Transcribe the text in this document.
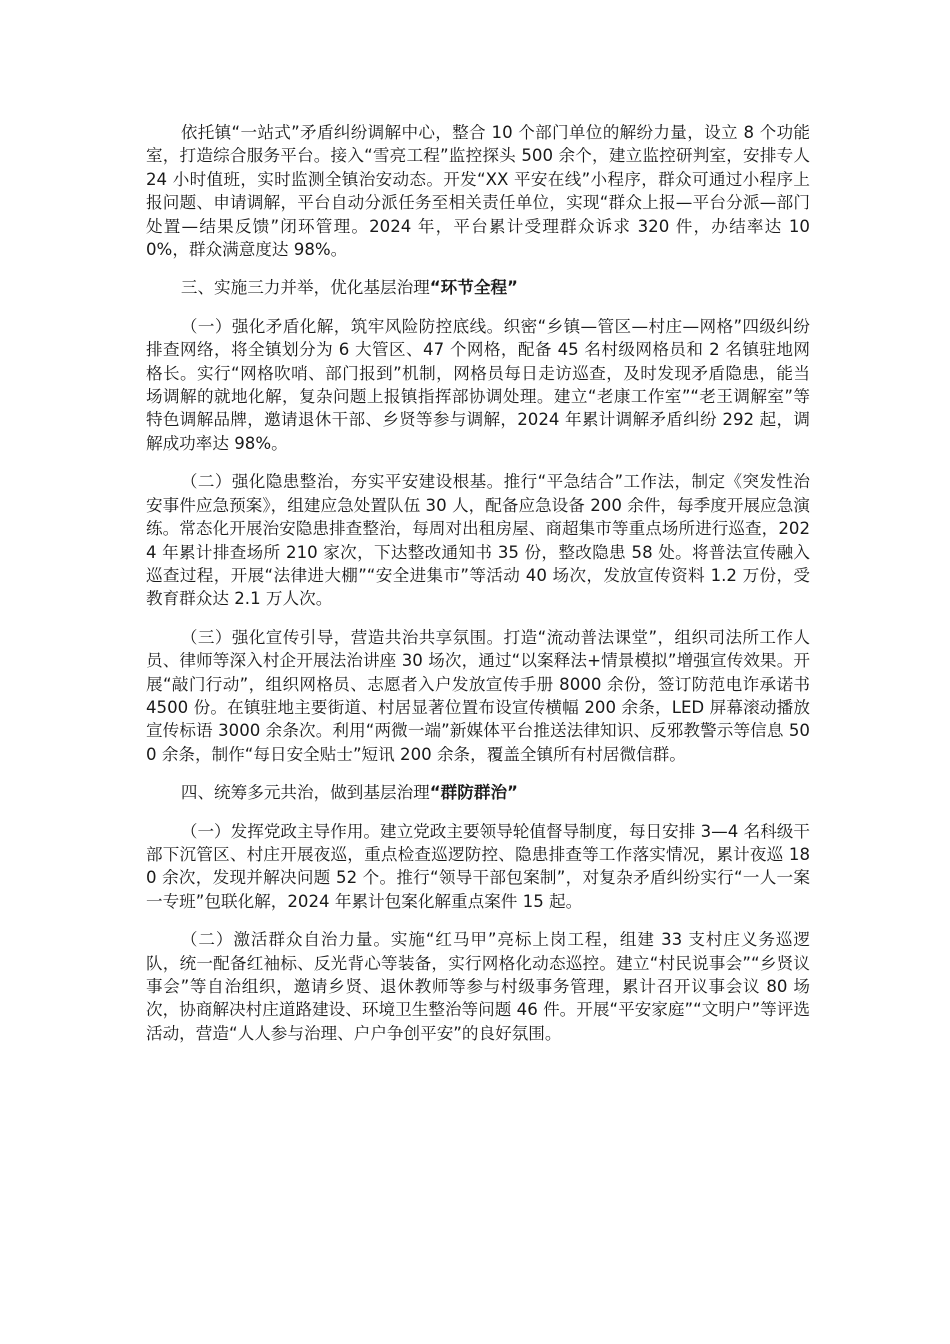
依托镇“一站式”矛盾纠纷调解中心，整合 10 个部门单位的解纷力量，设立 8 个功能室，打造综合服务平台。接入“雪亮工程”监控探头 500 余个，建立监控研判室，安排专人 24 小时值班，实时监测全镇治安动态。开发“XX 平安在线”小程序，群众可通过小程序上报问题、申请调解，平台自动分派任务至相关责任单位，实现“群众上报—平台分派—部门处置—结果反馈”闭环管理。2024 年，平台累计受理群众诉求 320 件，办结率达 100%，群众满意度达 98%。

三、实施三力并举，优化基层治理“环节全程”

（一）强化矛盾化解，筑牢风险防控底线。织密“乡镇—管区—村庄—网格”四级纠纷排查网络，将全镇划分为 6 大管区、47 个网格，配备 45 名村级网格员和 2 名镇驻地网格长。实行“网格吹哨、部门报到”机制，网格员每日走访巡查，及时发现矛盾隐患，能当场调解的就地化解，复杂问题上报镇指挥部协调处理。建立“老康工作室”“老王调解室”等特色调解品牌，邀请退休干部、乡贤等参与调解，2024 年累计调解矛盾纠纷 292 起，调解成功率达 98%。

（二）强化隐患整治，夯实平安建设根基。推行“平急结合”工作法，制定《突发性治安事件应急预案》，组建应急处置队伍 30 人，配备应急设备 200 余件，每季度开展应急演练。常态化开展治安隐患排查整治，每周对出租房屋、商超集市等重点场所进行巡查，2024 年累计排查场所 210 家次，下达整改通知书 35 份，整改隐患 58 处。将普法宣传融入巡查过程，开展“法律进大棚”“安全进集市”等活动 40 场次，发放宣传资料 1.2 万份，受教育群众达 2.1 万人次。

（三）强化宣传引导，营造共治共享氛围。打造“流动普法课堂”，组织司法所工作人员、律师等深入村企开展法治讲座 30 场次，通过“以案释法+情景模拟”增强宣传效果。开展“敲门行动”，组织网格员、志愿者入户发放宣传手册 8000 余份，签订防范电诈承诺书 4500 份。在镇驻地主要街道、村居显著位置布设宣传横幅 200 余条，LED 屏幕滚动播放宣传标语 3000 余条次。利用“两微一端”新媒体平台推送法律知识、反邪教警示等信息 500 余条，制作“每日安全贴士”短讯 200 余条，覆盖全镇所有村居微信群。

四、统筹多元共治，做到基层治理“群防群治”

（一）发挥党政主导作用。建立党政主要领导轮值督导制度，每日安排 3—4 名科级干部下沉管区、村庄开展夜巡，重点检查巡逻防控、隐患排查等工作落实情况，累计夜巡 180 余次，发现并解决问题 52 个。推行“领导干部包案制”，对复杂矛盾纠纷实行“一人一案一专班”包联化解，2024 年累计包案化解重点案件 15 起。

（二）激活群众自治力量。实施“红马甲”亮标上岗工程，组建 33 支村庄义务巡逻队，统一配备红袖标、反光背心等装备，实行网格化动态巡控。建立“村民说事会”“乡贤议事会”等自治组织，邀请乡贤、退休教师等参与村级事务管理，累计召开议事会议 80 场次，协商解决村庄道路建设、环境卫生整治等问题 46 件。开展“平安家庭”“文明户”等评选活动，营造“人人参与治理、户户争创平安”的良好氛围。
